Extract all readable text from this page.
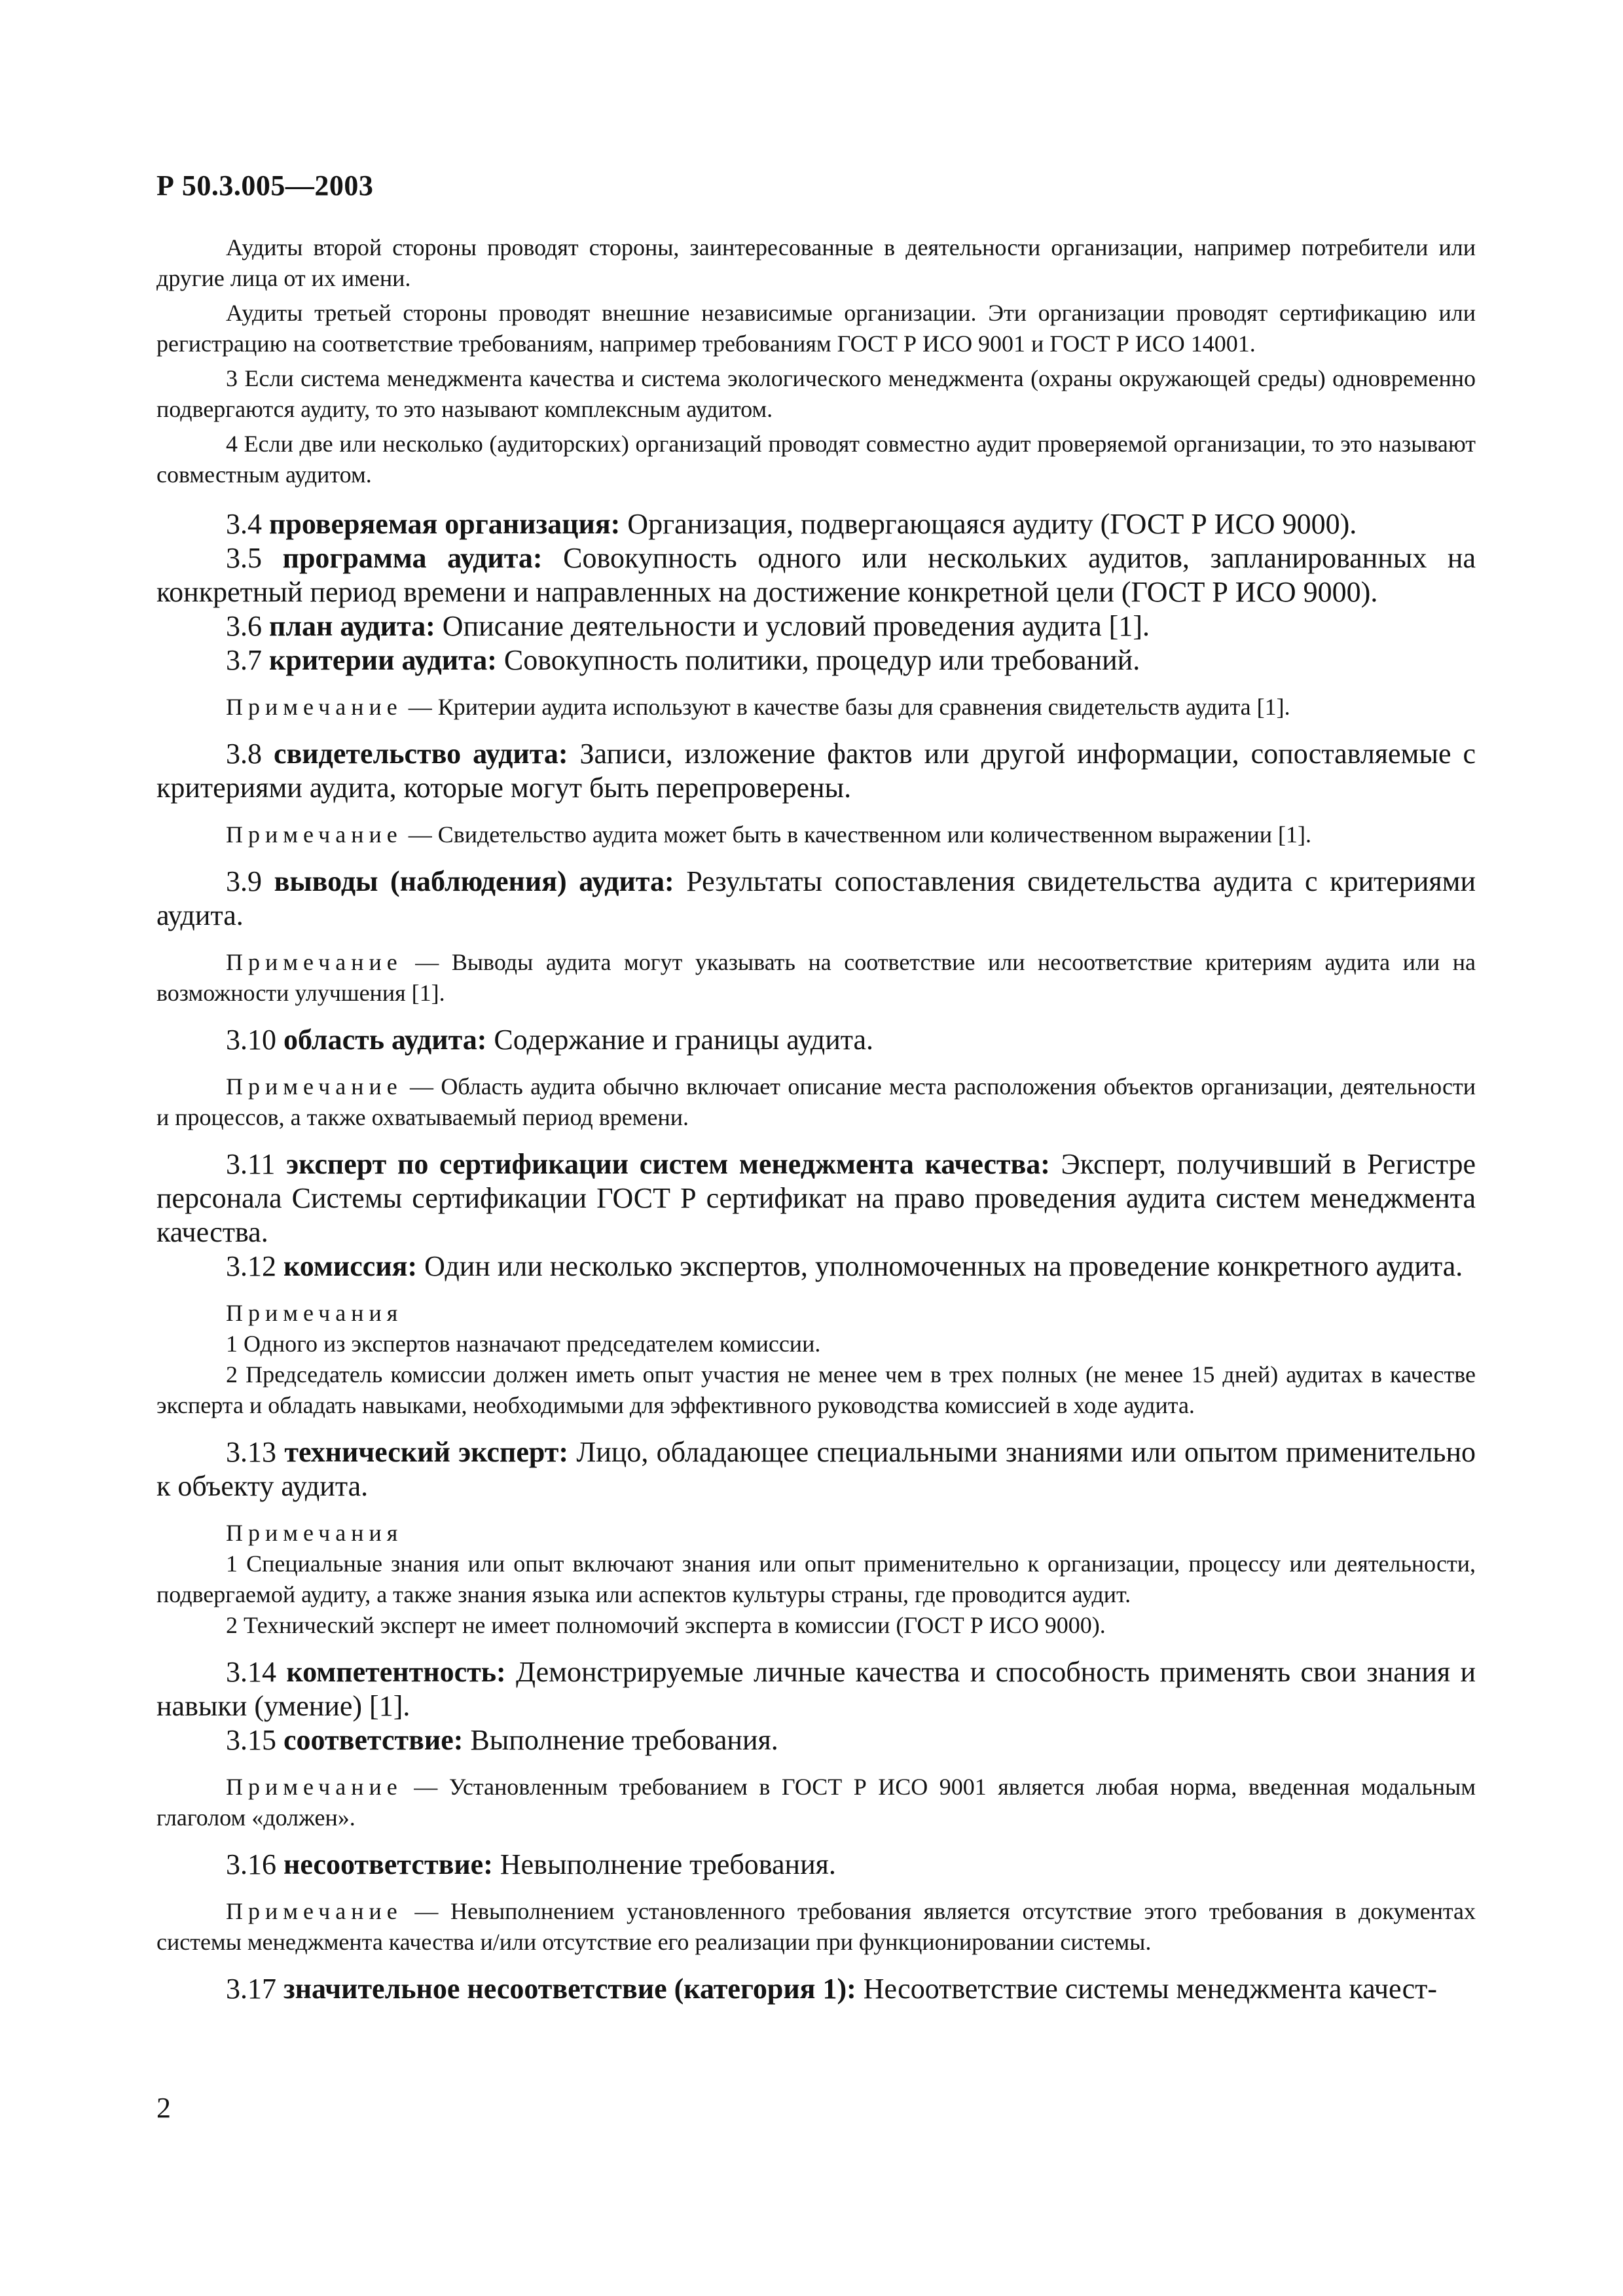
Р 50.3.005—2003

Аудиты второй стороны проводят стороны, заинтересованные в деятельности организации, например потребители или другие лица от их имени.

Аудиты третьей стороны проводят внешние независимые организации. Эти организации проводят сертификацию или регистрацию на соответствие требованиям, например требованиям ГОСТ Р ИСО 9001 и ГОСТ Р ИСО 14001.

3 Если система менеджмента качества и система экологического менеджмента (охраны окружающей среды) одновременно подвергаются аудиту, то это называют комплексным аудитом.

4 Если две или несколько (аудиторских) организаций проводят совместно аудит проверяемой организации, то это называют совместным аудитом.

3.4 проверяемая организация: Организация, подвергающаяся аудиту (ГОСТ Р ИСО 9000).

3.5 программа аудита: Совокупность одного или нескольких аудитов, запланированных на конкретный период времени и направленных на достижение конкретной цели (ГОСТ Р ИСО 9000).

3.6 план аудита: Описание деятельности и условий проведения аудита [1].

3.7 критерии аудита: Совокупность политики, процедур или требований.

Примечание — Критерии аудита используют в качестве базы для сравнения свидетельств аудита [1].

3.8 свидетельство аудита: Записи, изложение фактов или другой информации, сопоставляемые с критериями аудита, которые могут быть перепроверены.

Примечание — Свидетельство аудита может быть в качественном или количественном выражении [1].

3.9 выводы (наблюдения) аудита: Результаты сопоставления свидетельства аудита с критериями аудита.

Примечание — Выводы аудита могут указывать на соответствие или несоответствие критериям аудита или на возможности улучшения [1].

3.10 область аудита: Содержание и границы аудита.

Примечание — Область аудита обычно включает описание места расположения объектов организации, деятельности и процессов, а также охватываемый период времени.

3.11 эксперт по сертификации систем менеджмента качества: Эксперт, получивший в Регистре персонала Системы сертификации ГОСТ Р сертификат на право проведения аудита систем менеджмента качества.

3.12 комиссия: Один или несколько экспертов, уполномоченных на проведение конкретного аудита.

Примечания

1 Одного из экспертов назначают председателем комиссии.

2 Председатель комиссии должен иметь опыт участия не менее чем в трех полных (не менее 15 дней) аудитах в качестве эксперта и обладать навыками, необходимыми для эффективного руководства комиссией в ходе аудита.

3.13 технический эксперт: Лицо, обладающее специальными знаниями или опытом применительно к объекту аудита.

Примечания

1 Специальные знания или опыт включают знания или опыт применительно к организации, процессу или деятельности, подвергаемой аудиту, а также знания языка или аспектов культуры страны, где проводится аудит.

2 Технический эксперт не имеет полномочий эксперта в комиссии (ГОСТ Р ИСО 9000).

3.14 компетентность: Демонстрируемые личные качества и способность применять свои знания и навыки (умение) [1].

3.15 соответствие: Выполнение требования.

Примечание — Установленным требованием в ГОСТ Р ИСО 9001 является любая норма, введенная модальным глаголом «должен».

3.16 несоответствие: Невыполнение требования.

Примечание — Невыполнением установленного требования является отсутствие этого требования в документах системы менеджмента качества и/или отсутствие его реализации при функционировании системы.

3.17 значительное несоответствие (категория 1): Несоответствие системы менеджмента качест-

2
